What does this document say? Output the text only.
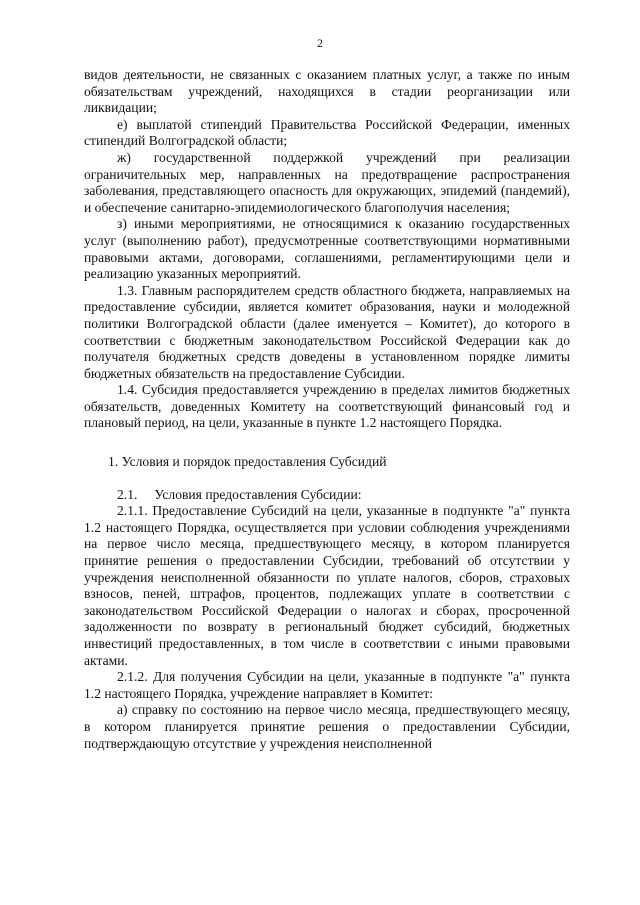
2

видов деятельности, не связанных с оказанием платных услуг, а также по иным обязательствам учреждений, находящихся в стадии реорганизации или ликвидации;

е) выплатой стипендий Правительства Российской Федерации, именных стипендий Волгоградской области;

ж) государственной поддержкой учреждений при реализации ограничительных мер, направленных на предотвращение распространения заболевания, представляющего опасность для окружающих, эпидемий (пандемий), и обеспечение санитарно-эпидемиологического благополучия населения;

з) иными мероприятиями, не относящимися к оказанию государственных услуг (выполнению работ), предусмотренные соответствующими нормативными правовыми актами, договорами, соглашениями, регламентирующими цели и реализацию указанных мероприятий.

1.3. Главным распорядителем средств областного бюджета, направляемых на предоставление субсидии, является комитет образования, науки и молодежной политики Волгоградской области (далее именуется – Комитет), до которого в соответствии с бюджетным законодательством Российской Федерации как до получателя бюджетных средств доведены в установленном порядке лимиты бюджетных обязательств на предоставление Субсидии.

1.4. Субсидия предоставляется учреждению в пределах лимитов бюджетных обязательств, доведенных Комитету на соответствующий финансовый год и плановый период, на цели, указанные в пункте 1.2 настоящего Порядка.

1. Условия и порядок предоставления Субсидий

2.1.     Условия предоставления Субсидии:

2.1.1. Предоставление Субсидий на цели, указанные в подпункте "а" пункта 1.2 настоящего Порядка, осуществляется при условии соблюдения учреждениями на первое число месяца, предшествующего месяцу, в котором планируется принятие решения о предоставлении Субсидии, требований об отсутствии у учреждения неисполненной обязанности по уплате налогов, сборов, страховых взносов, пеней, штрафов, процентов, подлежащих уплате в соответствии с законодательством Российской Федерации о налогах и сборах, просроченной задолженности по возврату в региональный бюджет субсидий, бюджетных инвестиций предоставленных, в том числе в соответствии с иными правовыми актами.

2.1.2. Для получения Субсидии на цели, указанные в подпункте "а" пункта 1.2 настоящего Порядка, учреждение направляет в Комитет:

а) справку по состоянию на первое число месяца, предшествующего месяцу, в котором планируется принятие решения о предоставлении Субсидии, подтверждающую отсутствие у учреждения неисполненной
